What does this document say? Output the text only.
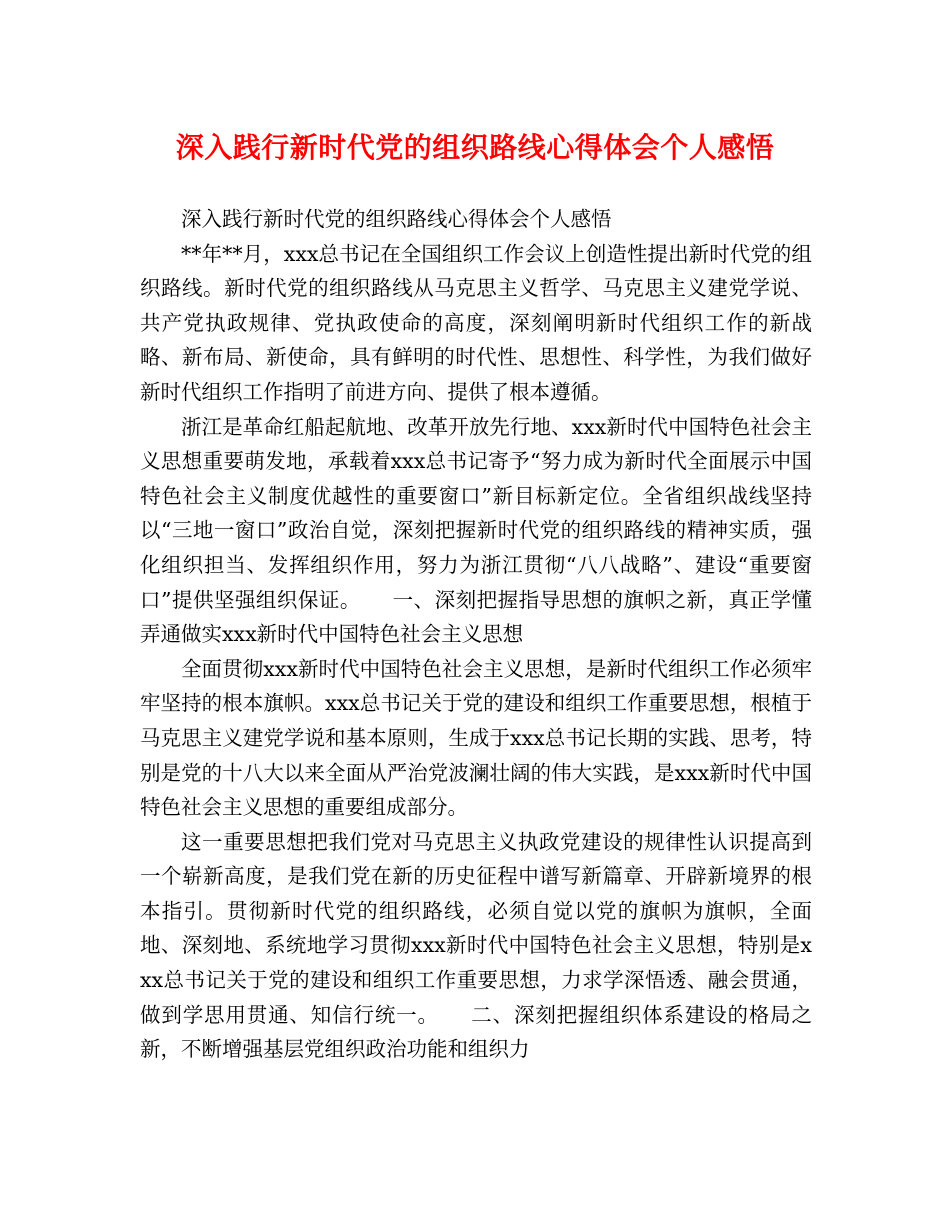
深入践行新时代党的组织路线心得体会个人感悟

深入践行新时代党的组织路线心得体会个人感悟

**年**月，xxx总书记在全国组织工作会议上创造性提出新时代党的组织路线。新时代党的组织路线从马克思主义哲学、马克思主义建党学说、共产党执政规律、党执政使命的高度，深刻阐明新时代组织工作的新战略、新布局、新使命，具有鲜明的时代性、思想性、科学性，为我们做好新时代组织工作指明了前进方向、提供了根本遵循。

浙江是革命红船起航地、改革开放先行地、xxx新时代中国特色社会主义思想重要萌发地，承载着xxx总书记寄予“努力成为新时代全面展示中国特色社会主义制度优越性的重要窗口”新目标新定位。全省组织战线坚持以“三地一窗口”政治自觉，深刻把握新时代党的组织路线的精神实质，强化组织担当、发挥组织作用，努力为浙江贯彻“八八战略”、建设“重要窗口”提供坚强组织保证。　　一、深刻把握指导思想的旗帜之新，真正学懂弄通做实xxx新时代中国特色社会主义思想

全面贯彻xxx新时代中国特色社会主义思想，是新时代组织工作必须牢牢坚持的根本旗帜。xxx总书记关于党的建设和组织工作重要思想，根植于马克思主义建党学说和基本原则，生成于xxx总书记长期的实践、思考，特别是党的十八大以来全面从严治党波澜壮阔的伟大实践，是xxx新时代中国特色社会主义思想的重要组成部分。

这一重要思想把我们党对马克思主义执政党建设的规律性认识提高到一个崭新高度，是我们党在新的历史征程中谱写新篇章、开辟新境界的根本指引。贯彻新时代党的组织路线，必须自觉以党的旗帜为旗帜，全面地、深刻地、系统地学习贯彻xxx新时代中国特色社会主义思想，特别是xxx总书记关于党的建设和组织工作重要思想，力求学深悟透、融会贯通，做到学思用贯通、知信行统一。　　二、深刻把握组织体系建设的格局之新，不断增强基层党组织政治功能和组织力
